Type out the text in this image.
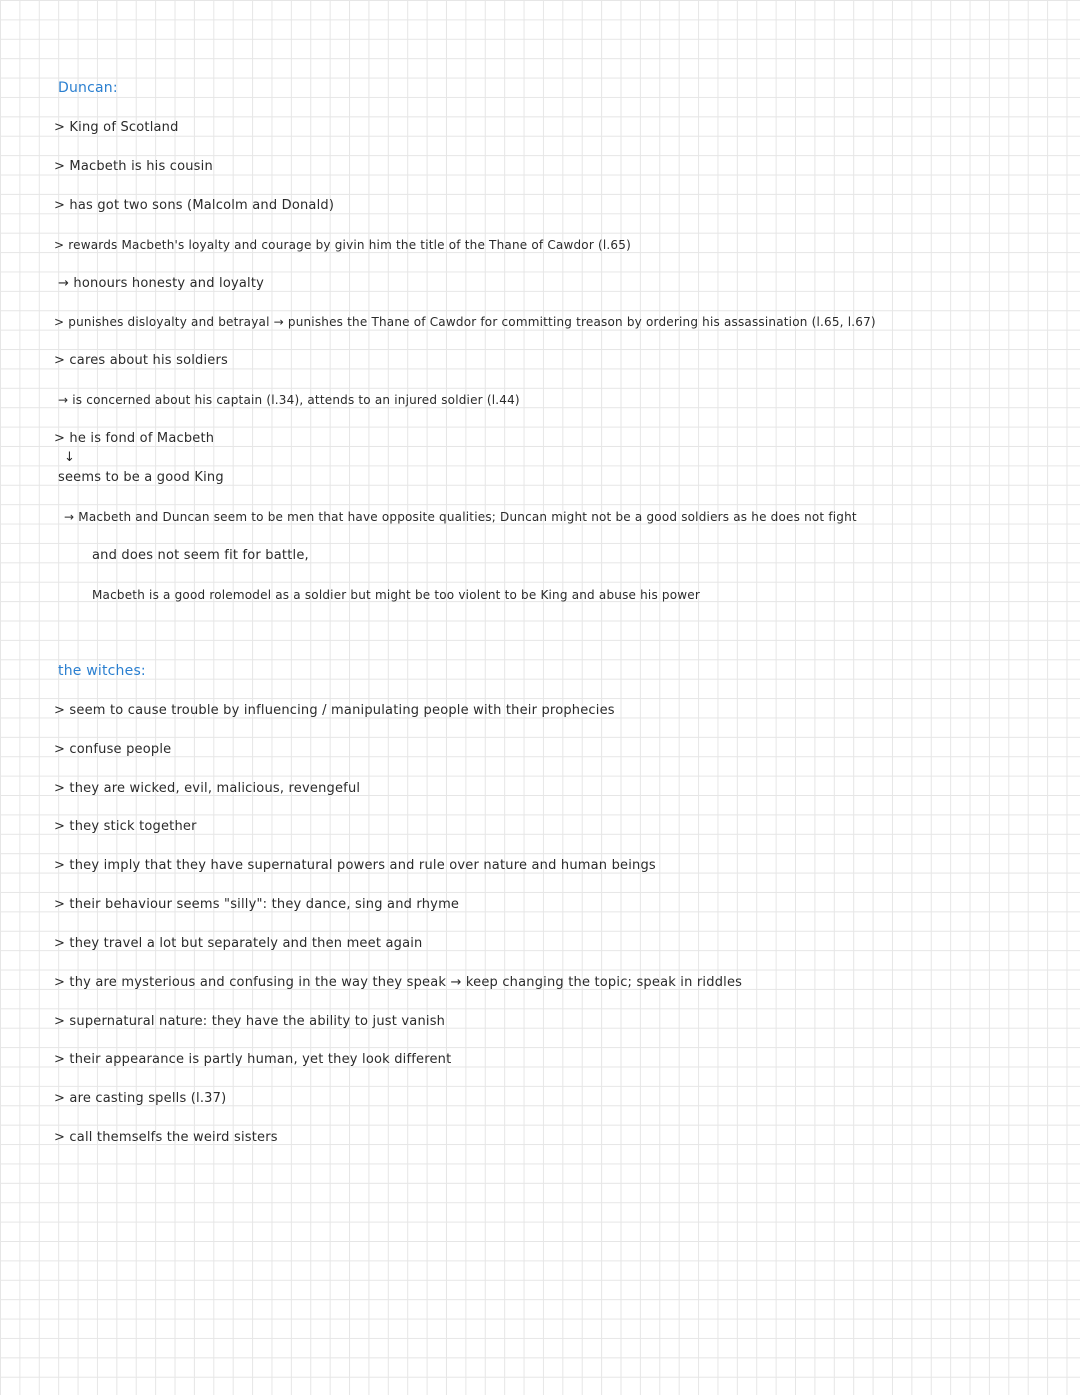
Duncan:
> King of Scotland
> Macbeth is his cousin
> has got two sons (Malcolm and Donald)
> rewards Macbeth's loyalty and courage by givin him the title of the Thane of Cawdor (l.65)
→ honours honesty and loyalty
> punishes disloyalty and betrayal → punishes the Thane of Cawdor for committing treason by ordering his assassination (l.65, l.67)
> cares about his soldiers
→ is concerned about his captain (l.34), attends to an injured soldier (l.44)
> he is fond of Macbeth
↓
seems to be a good King
→ Macbeth and Duncan seem to be men that have opposite qualities; Duncan might not be a good soldiers as he does not fight
and does not seem fit for battle,
Macbeth is a good rolemodel as a soldier but might be too violent to be King and abuse his power
the witches:
> seem to cause trouble by influencing / manipulating people with their prophecies
> confuse people
> they are wicked, evil, malicious, revengeful
> they stick together
> they imply that they have supernatural powers and rule over nature and human beings
> their behaviour seems "silly": they dance, sing and rhyme
> they travel a lot but separately and then meet again
> thy are mysterious and confusing in the way they speak → keep changing the topic; speak in riddles
> supernatural nature: they have the ability to just vanish
> their appearance is partly human, yet they look different
> are casting spells (l.37)
> call themselfs the weird sisters
